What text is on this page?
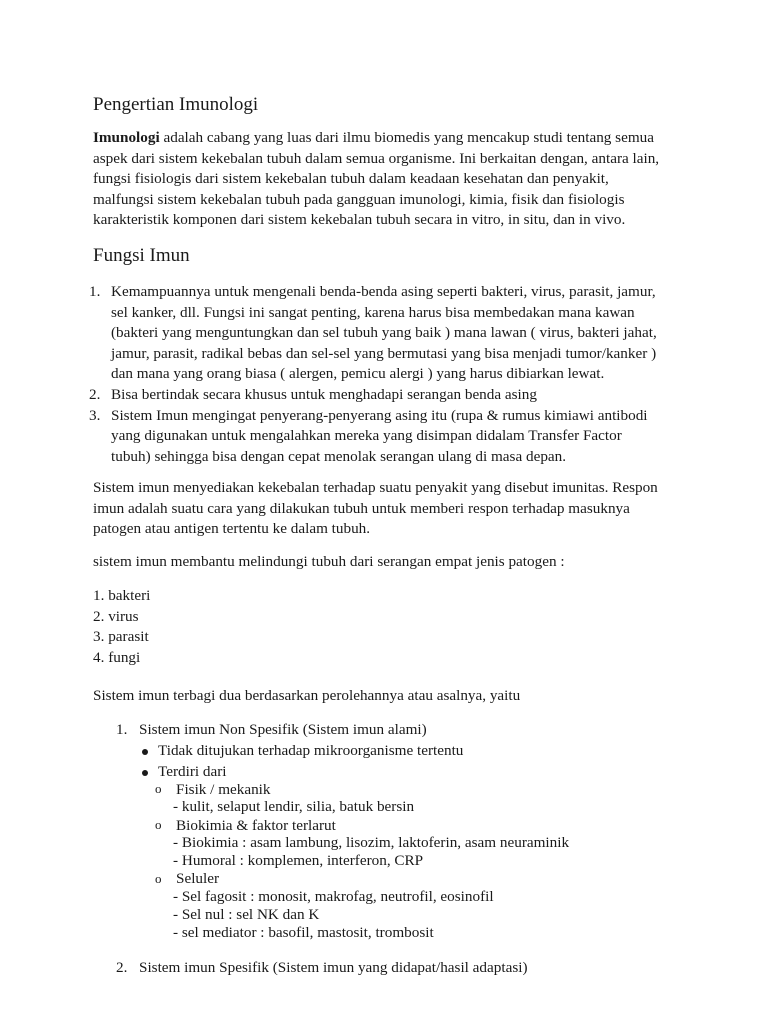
Pengertian Imunologi
Imunologi adalah cabang yang luas dari ilmu biomedis yang mencakup studi tentang semua
aspek dari sistem kekebalan tubuh dalam semua organisme. Ini berkaitan dengan, antara lain,
fungsi fisiologis dari sistem kekebalan tubuh dalam keadaan kesehatan dan penyakit,
malfungsi sistem kekebalan tubuh pada gangguan imunologi, kimia, fisik dan fisiologis
karakteristik komponen dari sistem kekebalan tubuh secara in vitro, in situ, dan in vivo.
Fungsi Imun
1. Kemampuannya untuk mengenali benda-benda asing seperti bakteri, virus, parasit, jamur,
sel kanker, dll. Fungsi ini sangat penting, karena harus bisa membedakan mana kawan
(bakteri yang menguntungkan dan sel tubuh yang baik ) mana lawan ( virus, bakteri jahat,
jamur, parasit, radikal bebas dan sel-sel yang bermutasi yang bisa menjadi tumor/kanker )
dan mana yang orang biasa ( alergen, pemicu alergi ) yang harus dibiarkan lewat.
2. Bisa bertindak secara khusus untuk menghadapi serangan benda asing
3. Sistem Imun mengingat penyerang-penyerang asing itu (rupa & rumus kimiawi antibodi
yang digunakan untuk mengalahkan mereka yang disimpan didalam Transfer Factor
tubuh) sehingga bisa dengan cepat menolak serangan ulang di masa depan.
Sistem imun menyediakan kekebalan terhadap suatu penyakit yang disebut imunitas. Respon
imun adalah suatu cara yang dilakukan tubuh untuk memberi respon terhadap masuknya
patogen atau antigen tertentu ke dalam tubuh.
sistem imun membantu melindungi tubuh dari serangan empat jenis patogen :
1. bakteri
2. virus
3. parasit
4. fungi
Sistem imun terbagi dua berdasarkan perolehannya atau asalnya, yaitu
1. Sistem imun Non Spesifik (Sistem imun alami)
Tidak ditujukan terhadap mikroorganisme tertentu
Terdiri dari
o Fisik / mekanik
- kulit, selaput lendir, silia, batuk bersin
o Biokimia & faktor terlarut
- Biokimia : asam lambung, lisozim, laktoferin, asam neuraminik
- Humoral : komplemen, interferon, CRP
o Seluler
- Sel fagosit : monosit, makrofag, neutrofil, eosinofil
- Sel nul : sel NK dan K
- sel mediator : basofil, mastosit, trombosit
2. Sistem imun Spesifik (Sistem imun yang didapat/hasil adaptasi)
